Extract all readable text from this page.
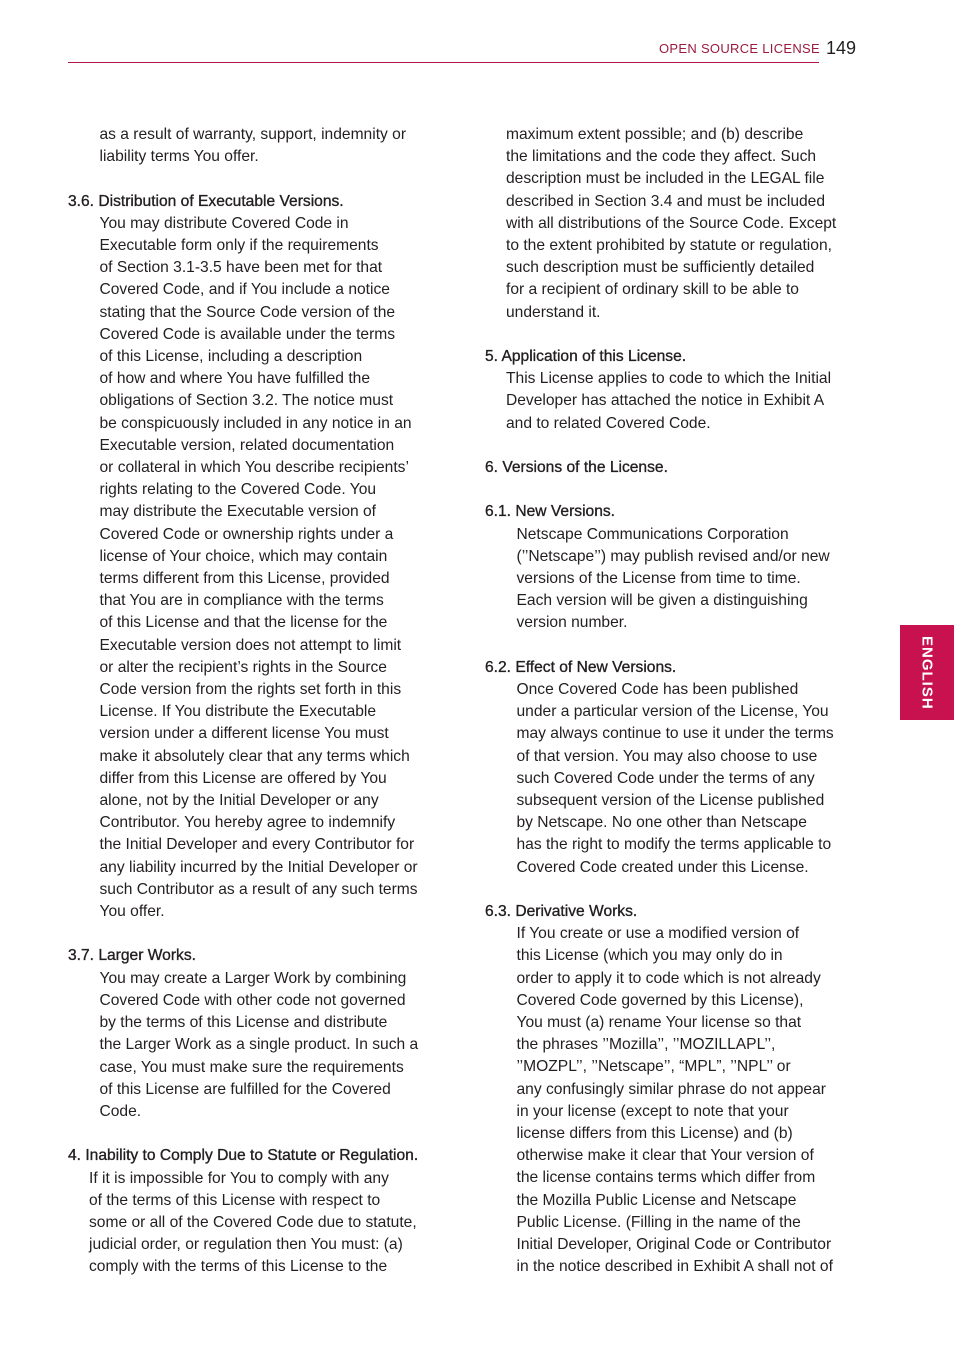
OPEN SOURCE LICENSE 149
ENGLISH
as a result of warranty, support, indemnity or
liability terms You offer.

3.6. Distribution of Executable Versions.

You may distribute Covered Code in
Executable form only if the requirements
of Section 3.1-3.5 have been met for that
Covered Code, and if You include a notice
stating that the Source Code version of the
Covered Code is available under the terms
of this License, including a description
of how and where You have fulfilled the
obligations of Section 3.2. The notice must
be conspicuously included in any notice in an
Executable version, related documentation
or collateral in which You describe recipients’
rights relating to the Covered Code. You
may distribute the Executable version of
Covered Code or ownership rights under a
license of Your choice, which may contain
terms different from this License, provided
that You are in compliance with the terms
of this License and that the license for the
Executable version does not attempt to limit
or alter the recipient’s rights in the Source
Code version from the rights set forth in this
License. If You distribute the Executable
version under a different license You must
make it absolutely clear that any terms which
differ from this License are offered by You
alone, not by the Initial Developer or any
Contributor. You hereby agree to indemnify
the Initial Developer and every Contributor for
any liability incurred by the Initial Developer or
such Contributor as a result of any such terms
You offer.

3.7. Larger Works.

You may create a Larger Work by combining
Covered Code with other code not governed
by the terms of this License and distribute
the Larger Work as a single product. In such a
case, You must make sure the requirements
of this License are fulfilled for the Covered
Code.

4. Inability to Comply Due to Statute or Regulation.

If it is impossible for You to comply with any
of the terms of this License with respect to
some or all of the Covered Code due to statute,
judicial order, or regulation then You must: (a)
comply with the terms of this License to the
maximum extent possible; and (b) describe
the limitations and the code they affect. Such
description must be included in the LEGAL file
described in Section 3.4 and must be included
with all distributions of the Source Code. Except
to the extent prohibited by statute or regulation,
such description must be sufficiently detailed
for a recipient of ordinary skill to be able to
understand it.

5. Application of this License.

This License applies to code to which the Initial
Developer has attached the notice in Exhibit A
and to related Covered Code.

6. Versions of the License.

6.1. New Versions.

Netscape Communications Corporation
(’’Netscape’’) may publish revised and/or new
versions of the License from time to time.
Each version will be given a distinguishing
version number.

6.2. Effect of New Versions.

Once Covered Code has been published
under a particular version of the License, You
may always continue to use it under the terms
of that version. You may also choose to use
such Covered Code under the terms of any
subsequent version of the License published
by Netscape. No one other than Netscape
has the right to modify the terms applicable to
Covered Code created under this License.

6.3. Derivative Works.

If You create or use a modified version of
this License (which you may only do in
order to apply it to code which is not already
Covered Code governed by this License),
You must (a) rename Your license so that
the phrases ’’Mozilla’’, ’’MOZILLAPL’’,
’’MOZPL’’, ’’Netscape’’, “MPL”, ’’NPL’’ or
any confusingly similar phrase do not appear
in your license (except to note that your
license differs from this License) and (b)
otherwise make it clear that Your version of
the license contains terms which differ from
the Mozilla Public License and Netscape
Public License. (Filling in the name of the
Initial Developer, Original Code or Contributor
in the notice described in Exhibit A shall not of
